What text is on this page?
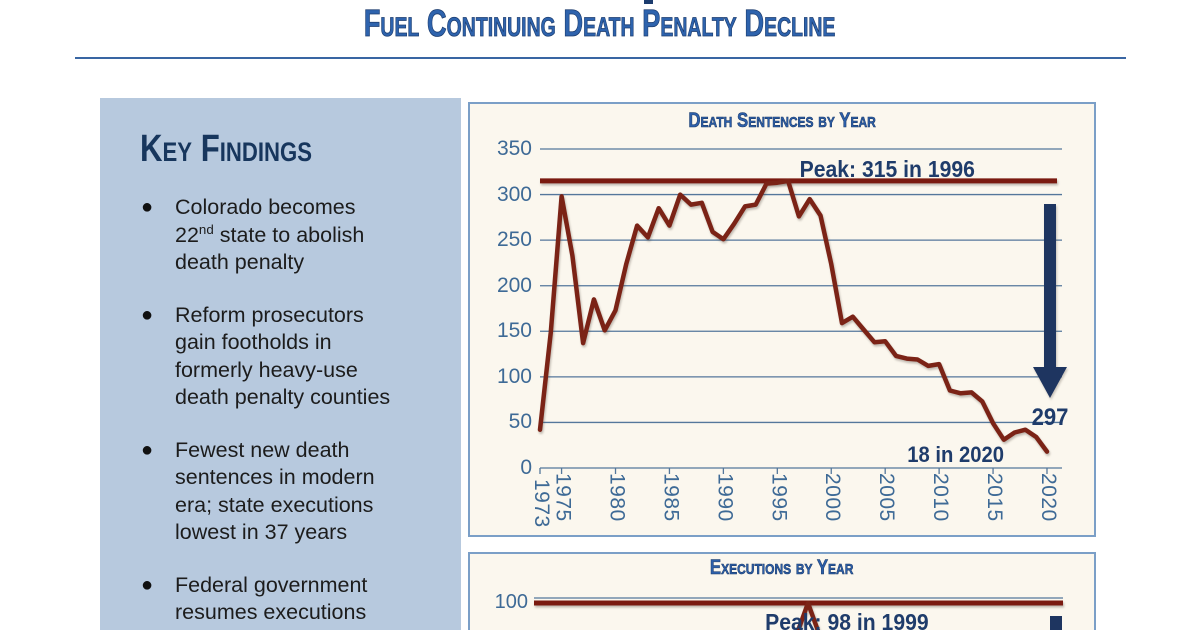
Fuel Continuing Death Penalty Decline
Key Findings
●	Colorado becomes
22nd state to abolish
death penalty
●	Reform prosecutors
gain footholds in
formerly heavy-use
death penalty counties
●	Fewest new death
sentences in modern
era; state executions
lowest in 37 years
●	Federal government
resumes executions
Death Sentences by Year
Peak: 315 in 1996
297
18 in 2020
0
50
100
150
200
250
300
350
1973
1975 1980 1985 1990 1995 2000 2005 2010 2015 2020
Executions by Year
100
Peak: 98 in 1999
